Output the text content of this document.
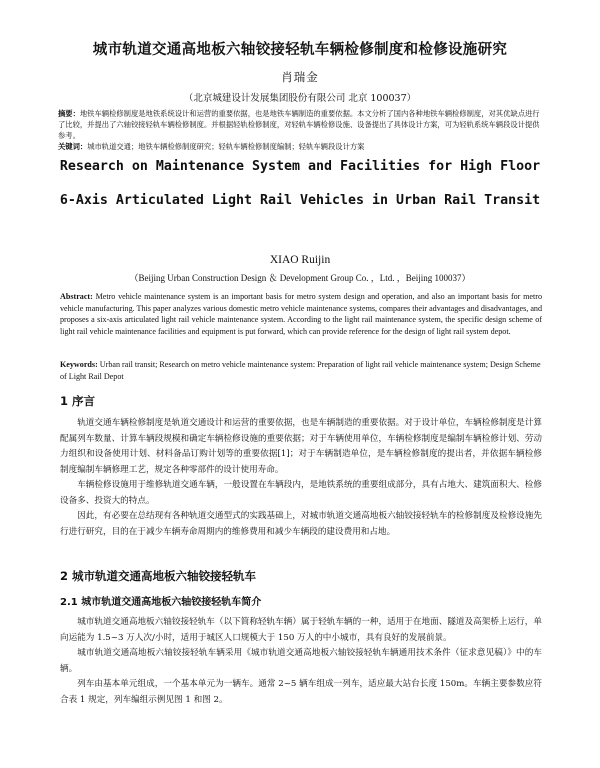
城市轨道交通高地板六轴铰接轻轨车辆检修制度和检修设施研究
肖瑞金
（北京城建设计发展集团股份有限公司 北京 100037）
摘要：地铁车辆检修制度是地铁系统设计和运营的重要依据，也是地铁车辆制造的重要依据。本文分析了国内各种地铁车辆检修制度，对其优缺点进行了比较，并提出了六轴铰接轻轨车辆检修制度。并根据轻轨检修制度，对轻轨车辆检修设施、设备提出了具体设计方案，可为轻轨系统车辆段设计提供参考。
关键词：城市轨道交通；地铁车辆检修制度研究；轻轨车辆检修制度编制；轻轨车辆段设计方案
Research on Maintenance System and Facilities for High Floor 6-Axis Articulated Light Rail Vehicles in Urban Rail Transit
XIAO Ruijin
（Beijing Urban Construction Design ＆ Development Group Co. ，Ltd. ，Beijing 100037）
Abstract: Metro vehicle maintenance system is an important basis for metro system design and operation, and also an important basis for metro vehicle manufacturing. This paper analyzes various domestic metro vehicle maintenance systems, compares their advantages and disadvantages, and proposes a six-axis articulated light rail vehicle maintenance system. According to the light rail maintenance system, the specific design scheme of light rail vehicle maintenance facilities and equipment is put forward, which can provide reference for the design of light rail system depot.
Keywords: Urban rail transit; Research on metro vehicle maintenance system: Preparation of light rail vehicle maintenance system; Design Scheme of Light Rail Depot
1 序言

轨道交通车辆检修制度是轨道交通设计和运营的重要依据，也是车辆制造的重要依据。对于设计单位，车辆检修制度是计算配属列车数量、计算车辆段规模和确定车辆检修设施的重要依据；对于车辆使用单位，车辆检修制度是编制车辆检修计划、劳动力组织和设备使用计划、材料备品订购计划等的重要依据[1]；对于车辆制造单位，是车辆检修制度的提出者，并依据车辆检修制度编制车辆修理工艺，规定各种零部件的设计使用寿命。

车辆检修设施用于维修轨道交通车辆，一般设置在车辆段内，是地铁系统的重要组成部分，具有占地大、建筑面积大、检修设备多、投资大的特点。

因此，有必要在总结现有各种轨道交通型式的实践基础上，对城市轨道交通高地板六轴铰接轻轨车的检修制度及检修设施先行进行研究，目的在于减少车辆寿命周期内的维修费用和减少车辆段的建设费用和占地。

2 城市轨道交通高地板六轴铰接轻轨车
2.1 城市轨道交通高地板六轴铰接轻轨车简介

城市轨道交通高地板六轴铰接轻轨车（以下简称轻轨车辆）属于轻轨车辆的一种，适用于在地面、隧道及高架桥上运行，单向运能为 1.5~3 万人次/小时，适用于城区人口规模大于 150 万人的中小城市，具有良好的发展前景。

城市轨道交通高地板六轴铰接轻轨车辆采用《城市轨道交通高地板六轴铰接轻轨车辆通用技术条件（征求意见稿）》中的车辆。

列车由基本单元组成，一个基本单元为一辆车。通常 2~5 辆车组成一列车，适应最大站台长度 150m。车辆主要参数应符合表 1 规定，列车编组示例见图 1 和图 2。
